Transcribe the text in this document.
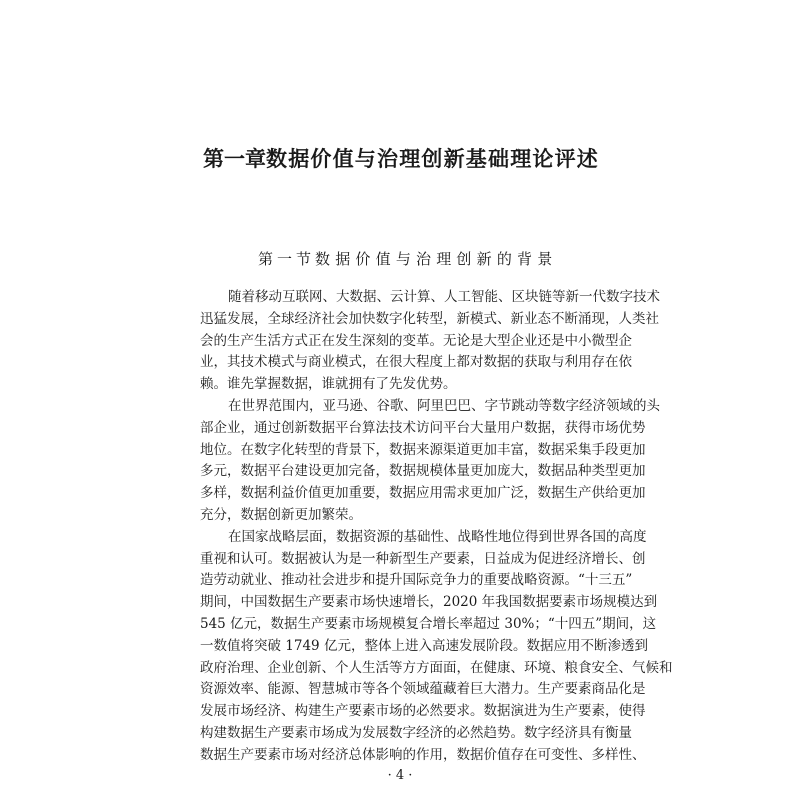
第一章 数据价值与治理创新基础理论评述
第一节 数据价值与治理创新的背景
随着移动互联网、大数据、云计算、人工智能、区块链等新一代数字技术
迅猛发展，全球经济社会加快数字化转型，新模式、新业态不断涌现，人类社
会的生产生活方式正在发生深刻的变革。无论是大型企业还是中小微型企
业，其技术模式与商业模式，在很大程度上都对数据的获取与利用存在依
赖。谁先掌握数据，谁就拥有了先发优势。
在世界范围内，亚马逊、谷歌、阿里巴巴、字节跳动等数字经济领域的头
部企业，通过创新数据平台算法技术访问平台大量用户数据，获得市场优势
地位。在数字化转型的背景下，数据来源渠道更加丰富，数据采集手段更加
多元，数据平台建设更加完备，数据规模体量更加庞大，数据品种类型更加
多样，数据利益价值更加重要，数据应用需求更加广泛，数据生产供给更加
充分，数据创新更加繁荣。
在国家战略层面，数据资源的基础性、战略性地位得到世界各国的高度
重视和认可。数据被认为是一种新型生产要素，日益成为促进经济增长、创
造劳动就业、推动社会进步和提升国际竞争力的重要战略资源。“十三五”
期间，中国数据生产要素市场快速增长，2020 年我国数据要素市场规模达到
545 亿元，数据生产要素市场规模复合增长率超过 30%；“十四五”期间，这
一数值将突破 1749 亿元，整体上进入高速发展阶段。数据应用不断渗透到
政府治理、企业创新、个人生活等方方面面，在健康、环境、粮食安全、气候和
资源效率、能源、智慧城市等各个领域蕴藏着巨大潜力。生产要素商品化是
发展市场经济、构建生产要素市场的必然要求。数据演进为生产要素，使得
构建数据生产要素市场成为发展数字经济的必然趋势。数字经济具有衡量
数据生产要素市场对经济总体影响的作用，数据价值存在可变性、多样性、
· 4 ·
